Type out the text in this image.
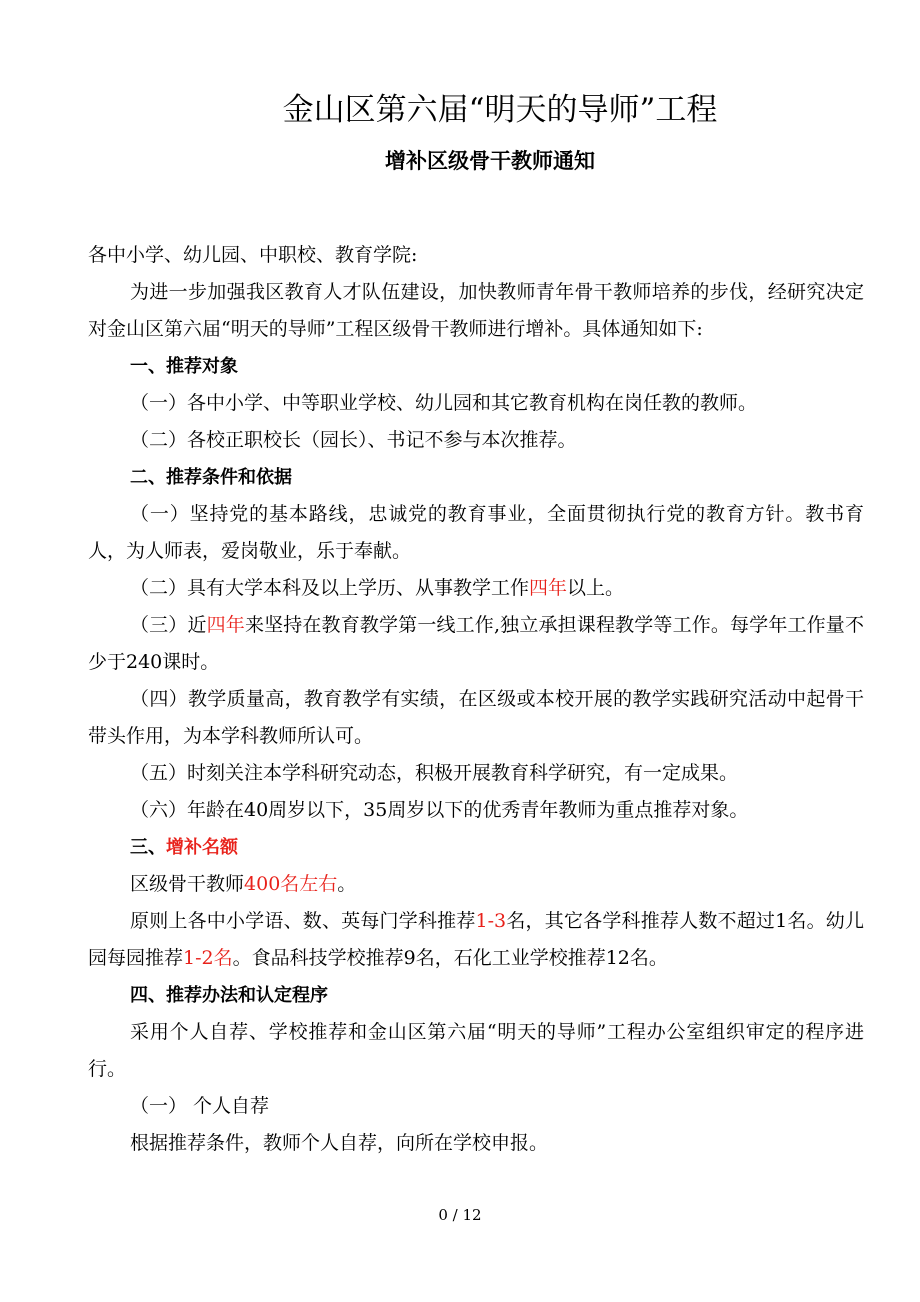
金山区第六届“明天的导师”工程
增补区级骨干教师通知

各中小学、幼儿园、中职校、教育学院:

为进一步加强我区教育人才队伍建设，加快教师青年骨干教师培养的步伐，经研究决定对金山区第六届“明天的导师”工程区级骨干教师进行增补。具体通知如下:

一、推荐对象

（一）各中小学、中等职业学校、幼儿园和其它教育机构在岗任教的教师。

（二）各校正职校长（园长）、书记不参与本次推荐。

二、推荐条件和依据

（一）坚持党的基本路线，忠诚党的教育事业，全面贯彻执行党的教育方针。教书育人，为人师表，爱岗敬业，乐于奉献。

（二）具有大学本科及以上学历、从事教学工作四年以上。

（三）近四年来坚持在教育教学第一线工作,独立承担课程教学等工作。每学年工作量不少于240课时。

（四）教学质量高，教育教学有实绩，在区级或本校开展的教学实践研究活动中起骨干带头作用，为本学科教师所认可。

（五）时刻关注本学科研究动态，积极开展教育科学研究，有一定成果。

（六）年龄在40周岁以下，35周岁以下的优秀青年教师为重点推荐对象。

三、增补名额

区级骨干教师400名左右。

原则上各中小学语、数、英每门学科推荐1-3名，其它各学科推荐人数不超过1名。幼儿园每园推荐1-2名。食品科技学校推荐9名，石化工业学校推荐12名。

四、推荐办法和认定程序

采用个人自荐、学校推荐和金山区第六届“明天的导师”工程办公室组织审定的程序进行。

（一） 个人自荐

根据推荐条件，教师个人自荐，向所在学校申报。

0 / 12
